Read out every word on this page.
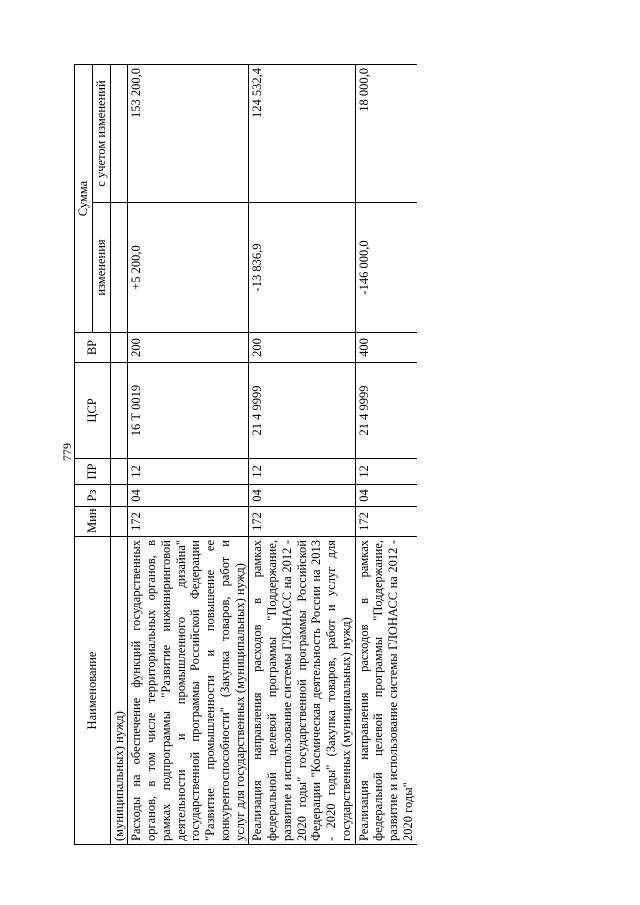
779
Наименование	Мин	Рз	ПР	ЦСР	ВР	Сумма	
						изменения	с учетом изменений
(муниципальных) нужд)							
Расходы на обеспечение функций государственных органов, в том числе территориальных органов, в рамках подпрограммы "Развитие инжиниринговой деятельности и промышленного дизайна" государственной программы Российской Федерации "Развитие промышленности и повышение ее конкурентоспособности" (Закупка товаров, работ и услуг для государственных (муниципальных) нужд)	172	04	12	16 Т 0019	200	+5 200,0	153 200,0
Реализация направления расходов в рамках федеральной целевой программы "Поддержание, развитие и использование системы ГЛОНАСС на 2012 - 2020 годы" государственной программы Российской Федерации "Космическая деятельность России на 2013 - 2020 годы" (Закупка товаров, работ и услуг для государственных (муниципальных) нужд)	172	04	12	21 4 9999	200	-13 836,9	124 532,4
Реализация направления расходов в рамках федеральной целевой программы "Поддержание, развитие и использование системы ГЛОНАСС на 2012 - 2020 годы"	172	04	12	21 4 9999	400	-146 000,0	18 000,0
